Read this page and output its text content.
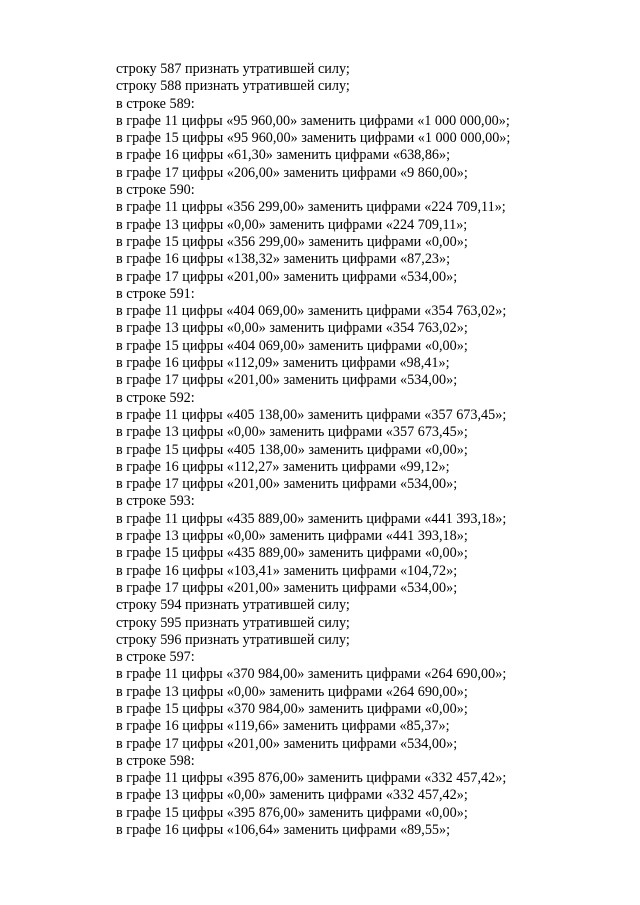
строку 587 признать утратившей силу;
строку 588 признать утратившей силу;
в строке 589:
в графе 11 цифры «95 960,00» заменить цифрами «1 000 000,00»;
в графе 15 цифры «95 960,00» заменить цифрами «1 000 000,00»;
в графе 16 цифры «61,30» заменить цифрами «638,86»;
в графе 17 цифры «206,00» заменить цифрами «9 860,00»;
в строке 590:
в графе 11 цифры «356 299,00» заменить цифрами «224 709,11»;
в графе 13 цифры «0,00» заменить цифрами «224 709,11»;
в графе 15 цифры «356 299,00» заменить цифрами «0,00»;
в графе 16 цифры «138,32» заменить цифрами «87,23»;
в графе 17 цифры «201,00» заменить цифрами «534,00»;
в строке 591:
в графе 11 цифры «404 069,00» заменить цифрами «354 763,02»;
в графе 13 цифры «0,00» заменить цифрами «354 763,02»;
в графе 15 цифры «404 069,00» заменить цифрами «0,00»;
в графе 16 цифры «112,09» заменить цифрами «98,41»;
в графе 17 цифры «201,00» заменить цифрами «534,00»;
в строке 592:
в графе 11 цифры «405 138,00» заменить цифрами «357 673,45»;
в графе 13 цифры «0,00» заменить цифрами «357 673,45»;
в графе 15 цифры «405 138,00» заменить цифрами «0,00»;
в графе 16 цифры «112,27» заменить цифрами «99,12»;
в графе 17 цифры «201,00» заменить цифрами «534,00»;
в строке 593:
в графе 11 цифры «435 889,00» заменить цифрами «441 393,18»;
в графе 13 цифры «0,00» заменить цифрами «441 393,18»;
в графе 15 цифры «435 889,00» заменить цифрами «0,00»;
в графе 16 цифры «103,41» заменить цифрами «104,72»;
в графе 17 цифры «201,00» заменить цифрами «534,00»;
строку 594 признать утратившей силу;
строку 595 признать утратившей силу;
строку 596 признать утратившей силу;
в строке 597:
в графе 11 цифры «370 984,00» заменить цифрами «264 690,00»;
в графе 13 цифры «0,00» заменить цифрами «264 690,00»;
в графе 15 цифры «370 984,00» заменить цифрами «0,00»;
в графе 16 цифры «119,66» заменить цифрами «85,37»;
в графе 17 цифры «201,00» заменить цифрами «534,00»;
в строке 598:
в графе 11 цифры «395 876,00» заменить цифрами «332 457,42»;
в графе 13 цифры «0,00» заменить цифрами «332 457,42»;
в графе 15 цифры «395 876,00» заменить цифрами «0,00»;
в графе 16 цифры «106,64» заменить цифрами «89,55»;
